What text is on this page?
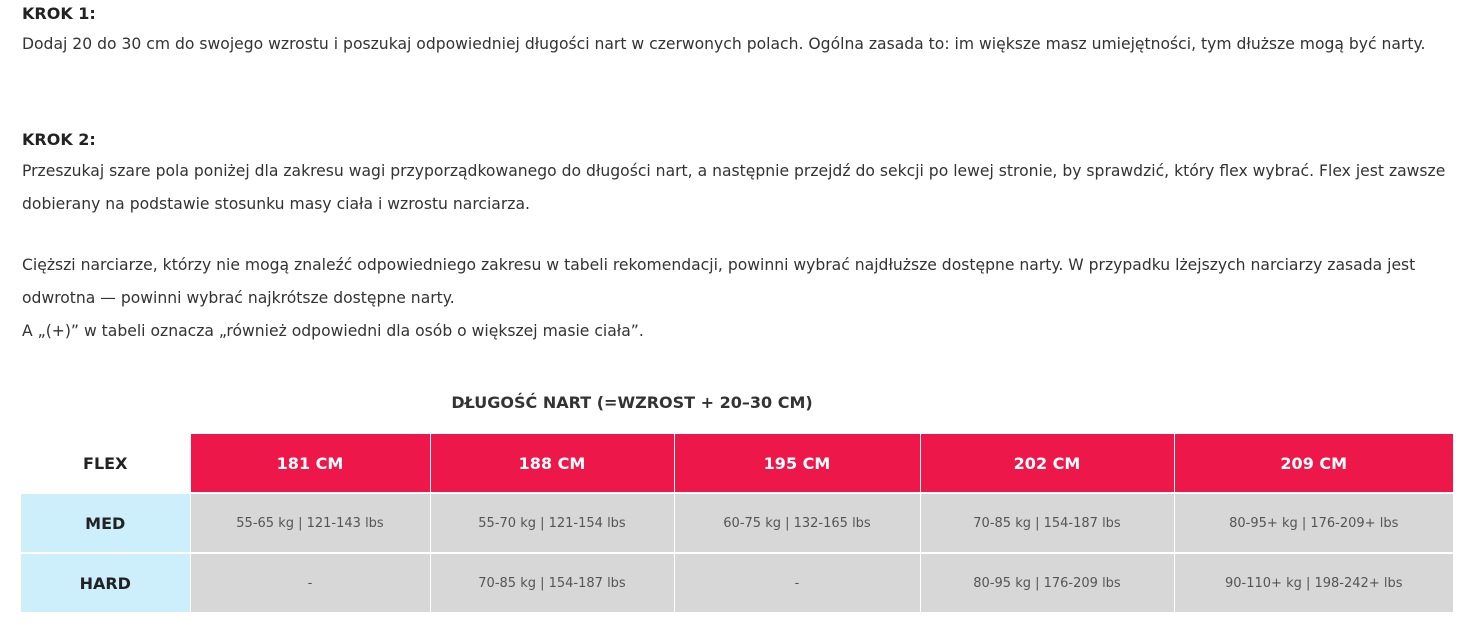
KROK 1:

Dodaj 20 do 30 cm do swojego wzrostu i poszukaj odpowiedniej długości nart w czerwonych polach. Ogólna zasada to: im większe masz umiejętności, tym dłuższe mogą być narty.

KROK 2:

Przeszukaj szare pola poniżej dla zakresu wagi przyporządkowanego do długości nart, a następnie przejdź do sekcji po lewej stronie, by sprawdzić, który flex wybrać. Flex jest zawsze dobierany na podstawie stosunku masy ciała i wzrostu narciarza.

Cięższi narciarze, którzy nie mogą znaleźć odpowiedniego zakresu w tabeli rekomendacji, powinni wybrać najdłuższe dostępne narty. W przypadku lżejszych narciarzy zasada jest odwrotna — powinni wybrać najkrótsze dostępne narty.

A „(+)” w tabeli oznacza „również odpowiedni dla osób o większej masie ciała”.

DŁUGOŚĆ NART (=WZROST + 20–30 CM)
FLEX	181 CM	188 CM	195 CM	202 CM	209 CM
MED	55-65 kg | 121-143 lbs	55-70 kg | 121-154 lbs	60-75 kg | 132-165 lbs	70-85 kg | 154-187 lbs	80-95+ kg | 176-209+ lbs
HARD	-	70-85 kg | 154-187 lbs	-	80-95 kg | 176-209 lbs	90-110+ kg | 198-242+ lbs
